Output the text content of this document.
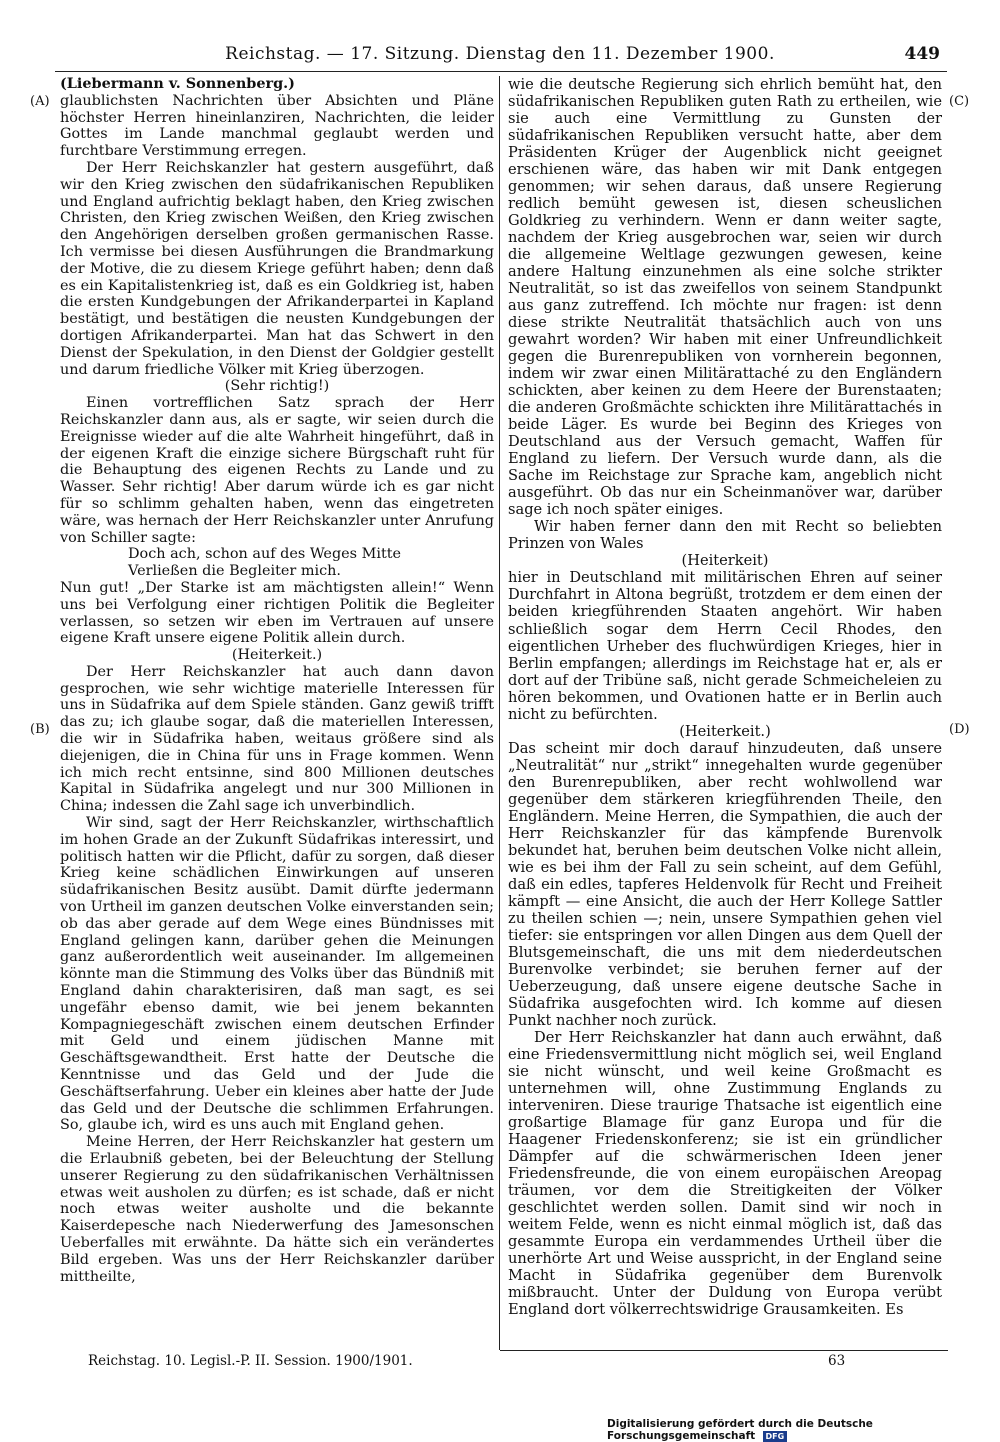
Reichstag. — 17. Sitzung. Dienstag den 11. Dezember 1900.	449
(A)
(B)
(C)
(D)

(Liebermann v. Sonnenberg.)

glaublichsten Nachrichten über Absichten und Pläne höchster Herren hineinlanziren, Nachrichten, die leider Gottes im Lande manchmal geglaubt werden und furchtbare Verstimmung erregen.

Der Herr Reichskanzler hat gestern ausgeführt, daß wir den Krieg zwischen den südafrikanischen Republiken und England aufrichtig beklagt haben, den Krieg zwischen Christen, den Krieg zwischen Weißen, den Krieg zwischen den Angehörigen derselben großen germanischen Rasse. Ich vermisse bei diesen Ausführungen die Brandmarkung der Motive, die zu diesem Kriege geführt haben; denn daß es ein Kapitalistenkrieg ist, daß es ein Goldkrieg ist, haben die ersten Kundgebungen der Afrikanderpartei in Kapland bestätigt, und bestätigen die neusten Kundgebungen der dortigen Afrikanderpartei. Man hat das Schwert in den Dienst der Spekulation, in den Dienst der Goldgier gestellt und darum friedliche Völker mit Krieg überzogen.

(Sehr richtig!)

Einen vortrefflichen Satz sprach der Herr Reichskanzler dann aus, als er sagte, wir seien durch die Ereignisse wieder auf die alte Wahrheit hingeführt, daß in der eigenen Kraft die einzige sichere Bürgschaft ruht für die Behauptung des eigenen Rechts zu Lande und zu Wasser. Sehr richtig! Aber darum würde ich es gar nicht für so schlimm gehalten haben, wenn das eingetreten wäre, was hernach der Herr Reichskanzler unter Anrufung von Schiller sagte:

Doch ach, schon auf des Weges Mitte

Verließen die Begleiter mich.

Nun gut! „Der Starke ist am mächtigsten allein!“ Wenn uns bei Verfolgung einer richtigen Politik die Begleiter verlassen, so setzen wir eben im Vertrauen auf unsere eigene Kraft unsere eigene Politik allein durch.

(Heiterkeit.)

Der Herr Reichskanzler hat auch dann davon gesprochen, wie sehr wichtige materielle Interessen für uns in Südafrika auf dem Spiele ständen. Ganz gewiß trifft das zu; ich glaube sogar, daß die materiellen Interessen, die wir in Südafrika haben, weitaus größere sind als diejenigen, die in China für uns in Frage kommen. Wenn ich mich recht entsinne, sind 800 Millionen deutsches Kapital in Südafrika angelegt und nur 300 Millionen in China; indessen die Zahl sage ich unverbindlich.

Wir sind, sagt der Herr Reichskanzler, wirthschaftlich im hohen Grade an der Zukunft Südafrikas interessirt, und politisch hatten wir die Pflicht, dafür zu sorgen, daß dieser Krieg keine schädlichen Einwirkungen auf unseren südafrikanischen Besitz ausübt. Damit dürfte jedermann von Urtheil im ganzen deutschen Volke einverstanden sein; ob das aber gerade auf dem Wege eines Bündnisses mit England gelingen kann, darüber gehen die Meinungen ganz außerordentlich weit auseinander. Im allgemeinen könnte man die Stimmung des Volks über das Bündniß mit England dahin charakterisiren, daß man sagt, es sei ungefähr ebenso damit, wie bei jenem bekannten Kompagniegeschäft zwischen einem deutschen Erfinder mit Geld und einem jüdischen Manne mit Geschäftsgewandtheit. Erst hatte der Deutsche die Kenntnisse und das Geld und der Jude die Geschäftserfahrung. Ueber ein kleines aber hatte der Jude das Geld und der Deutsche die schlimmen Erfahrungen. So, glaube ich, wird es uns auch mit England gehen.

Meine Herren, der Herr Reichskanzler hat gestern um die Erlaubniß gebeten, bei der Beleuchtung der Stellung unserer Regierung zu den südafrikanischen Verhältnissen etwas weit ausholen zu dürfen; es ist schade, daß er nicht noch etwas weiter ausholte und die bekannte Kaiserdepesche nach Niederwerfung des Jamesonschen Ueberfalles mit erwähnte. Da hätte sich ein verändertes Bild ergeben. Was uns der Herr Reichskanzler darüber mittheilte,

wie die deutsche Regierung sich ehrlich bemüht hat, den südafrikanischen Republiken guten Rath zu ertheilen, wie sie auch eine Vermittlung zu Gunsten der südafrikanischen Republiken versucht hatte, aber dem Präsidenten Krüger der Augenblick nicht geeignet erschienen wäre, das haben wir mit Dank entgegen genommen; wir sehen daraus, daß unsere Regierung redlich bemüht gewesen ist, diesen scheuslichen Goldkrieg zu verhindern. Wenn er dann weiter sagte, nachdem der Krieg ausgebrochen war, seien wir durch die allgemeine Weltlage gezwungen gewesen, keine andere Haltung einzunehmen als eine solche strikter Neutralität, so ist das zweifellos von seinem Standpunkt aus ganz zutreffend. Ich möchte nur fragen: ist denn diese strikte Neutralität thatsächlich auch von uns gewahrt worden? Wir haben mit einer Unfreundlichkeit gegen die Burenrepubliken von vornherein begonnen, indem wir zwar einen Militärattaché zu den Engländern schickten, aber keinen zu dem Heere der Burenstaaten; die anderen Großmächte schickten ihre Militärattachés in beide Läger. Es wurde bei Beginn des Krieges von Deutschland aus der Versuch gemacht, Waffen für England zu liefern. Der Versuch wurde dann, als die Sache im Reichstage zur Sprache kam, angeblich nicht ausgeführt. Ob das nur ein Scheinmanöver war, darüber sage ich noch später einiges.

Wir haben ferner dann den mit Recht so beliebten Prinzen von Wales

(Heiterkeit)

hier in Deutschland mit militärischen Ehren auf seiner Durchfahrt in Altona begrüßt, trotzdem er dem einen der beiden kriegführenden Staaten angehört. Wir haben schließlich sogar dem Herrn Cecil Rhodes, den eigentlichen Urheber des fluchwürdigen Krieges, hier in Berlin empfangen; allerdings im Reichstage hat er, als er dort auf der Tribüne saß, nicht gerade Schmeicheleien zu hören bekommen, und Ovationen hatte er in Berlin auch nicht zu befürchten.

(Heiterkeit.)

Das scheint mir doch darauf hinzudeuten, daß unsere „Neutralität“ nur „strikt“ innegehalten wurde gegenüber den Burenrepubliken, aber recht wohlwollend war gegenüber dem stärkeren kriegführenden Theile, den Engländern. Meine Herren, die Sympathien, die auch der Herr Reichskanzler für das kämpfende Burenvolk bekundet hat, beruhen beim deutschen Volke nicht allein, wie es bei ihm der Fall zu sein scheint, auf dem Gefühl, daß ein edles, tapferes Heldenvolk für Recht und Freiheit kämpft — eine Ansicht, die auch der Herr Kollege Sattler zu theilen schien —; nein, unsere Sympathien gehen viel tiefer: sie entspringen vor allen Dingen aus dem Quell der Blutsgemeinschaft, die uns mit dem niederdeutschen Burenvolke verbindet; sie beruhen ferner auf der Ueberzeugung, daß unsere eigene deutsche Sache in Südafrika ausgefochten wird. Ich komme auf diesen Punkt nachher noch zurück.

Der Herr Reichskanzler hat dann auch erwähnt, daß eine Friedensvermittlung nicht möglich sei, weil England sie nicht wünscht, und weil keine Großmacht es unternehmen will, ohne Zustimmung Englands zu interveniren. Diese traurige Thatsache ist eigentlich eine großartige Blamage für ganz Europa und für die Haagener Friedenskonferenz; sie ist ein gründlicher Dämpfer auf die schwärmerischen Ideen jener Friedensfreunde, die von einem europäischen Areopag träumen, vor dem die Streitigkeiten der Völker geschlichtet werden sollen. Damit sind wir noch in weitem Felde, wenn es nicht einmal möglich ist, daß das gesammte Europa ein verdammendes Urtheil über die unerhörte Art und Weise ausspricht, in der England seine Macht in Südafrika gegenüber dem Burenvolk mißbraucht. Unter der Duldung von Europa verübt England dort völkerrechtswidrige Grausamkeiten. Es

Reichstag. 10. Legisl.-P. II. Session. 1900/1901.	63
Digitalisierung gefördert durch die Deutsche Forschungsgemeinschaft DFG
